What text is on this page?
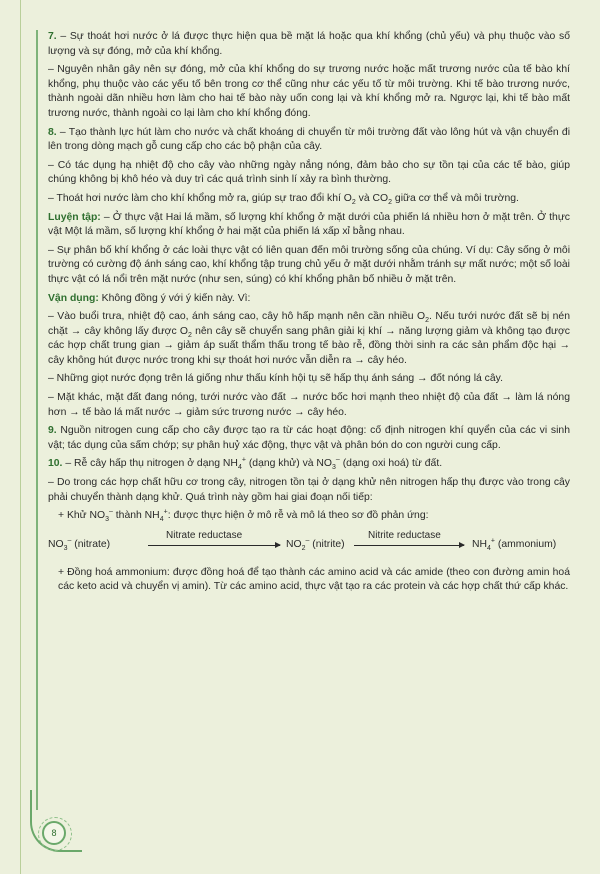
7. – Sự thoát hơi nước ở lá được thực hiện qua bề mặt lá hoặc qua khí khổng (chủ yếu) và phụ thuộc vào số lượng và sự đóng, mở của khí khổng.

– Nguyên nhân gây nên sự đóng, mở của khí khổng do sự trương nước hoặc mất trương nước của tế bào khí khổng, phụ thuộc vào các yếu tố bên trong cơ thể cũng như các yếu tố từ môi trường. Khi tế bào trương nước, thành ngoài dãn nhiều hơn làm cho hai tế bào này uốn cong lại và khí khổng mở ra. Ngược lại, khi tế bào mất trương nước, thành ngoài co lại làm cho khí khổng đóng.

8. – Tạo thành lực hút làm cho nước và chất khoáng di chuyển từ môi trường đất vào lông hút và vận chuyển đi lên trong dòng mạch gỗ cung cấp cho các bộ phận của cây.

– Có tác dụng hạ nhiệt độ cho cây vào những ngày nắng nóng, đảm bảo cho sự tồn tại của các tế bào, giúp chúng không bị khô héo và duy trì các quá trình sinh lí xảy ra bình thường.

– Thoát hơi nước làm cho khí khổng mở ra, giúp sự trao đổi khí $O_2$ và $CO_2$ giữa cơ thể và môi trường.

Luyện tập: – Ở thực vật Hai lá mầm, số lượng khí khổng ở mặt dưới của phiến lá nhiều hơn ở mặt trên. Ở thực vật Một lá mầm, số lượng khí khổng ở hai mặt của phiến lá xấp xỉ bằng nhau.

– Sự phân bố khí khổng ở các loài thực vật có liên quan đến môi trường sống của chúng. Ví dụ: Cây sống ở môi trường có cường độ ánh sáng cao, khí khổng tập trung chủ yếu ở mặt dưới nhằm tránh sự mất nước; một số loài thực vật có lá nổi trên mặt nước (như sen, súng) có khí khổng phân bố nhiều ở mặt trên.

Vận dụng: Không đồng ý với ý kiến này. Vì:

– Vào buổi trưa, nhiệt độ cao, ánh sáng cao, cây hô hấp mạnh nên cần nhiều $O_2$. Nếu tưới nước đất sẽ bị nén chặt → cây không lấy được $O_2$ nên cây sẽ chuyển sang phân giải kị khí → năng lượng giảm và không tạo được các hợp chất trung gian → giảm áp suất thẩm thấu trong tế bào rễ, đồng thời sinh ra các sản phẩm độc hại → cây không hút được nước trong khi sự thoát hơi nước vẫn diễn ra → cây héo.

– Những giọt nước đọng trên lá giống như thấu kính hội tụ sẽ hấp thụ ánh sáng → đốt nóng lá cây.

– Mặt khác, mặt đất đang nóng, tưới nước vào đất → nước bốc hơi mạnh theo nhiệt độ của đất → làm lá nóng hơn → tế bào lá mất nước → giảm sức trương nước → cây héo.

9. Nguồn nitrogen cung cấp cho cây được tạo ra từ các hoạt động: cố định nitrogen khí quyển của các vi sinh vật; tác dụng của sấm chớp; sự phân huỷ xác động, thực vật và phân bón do con người cung cấp.

10. – Rễ cây hấp thụ nitrogen ở dạng $NH_4^+$ (dạng khử) và $NO_3^-$ (dạng oxi hoá) từ đất.

– Do trong các hợp chất hữu cơ trong cây, nitrogen tồn tại ở dạng khử nên nitrogen hấp thụ được vào trong cây phải chuyển thành dạng khử. Quá trình này gồm hai giai đoạn nối tiếp:

+ Khử $NO_3^-$ thành $NH_4^+$: được thực hiện ở mô rễ và mô lá theo sơ đồ phản ứng:

$NO_3^-$ (nitrate)
Nitrate reductase
$NO_2^-$ (nitrite)
Nitrite reductase
$NH_4^+$ (ammonium)

+ Đồng hoá ammonium: được đồng hoá để tạo thành các amino acid và các amide (theo con đường amin hoá các keto acid và chuyển vị amin). Từ các amino acid, thực vật tạo ra các protein và các hợp chất thứ cấp khác.

8
